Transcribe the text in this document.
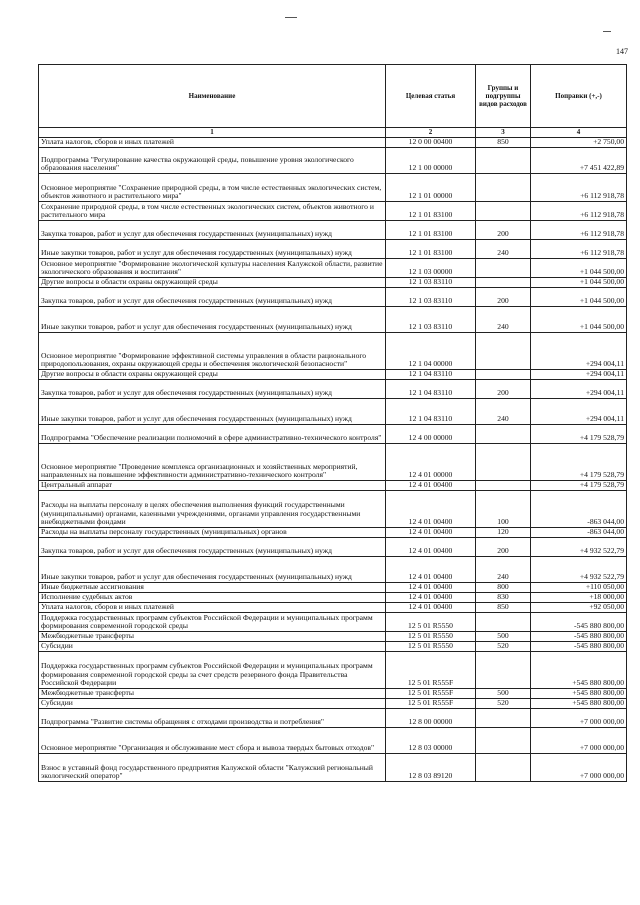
147
Наименование	Целевая статья	Группы и подгруппы видов расходов	Поправки (+,-)
1	2	3	4
Уплата налогов, сборов и иных платежей	12 0 00 00400	850	+2 750,00
Подпрограмма "Регулирование качества окружающей среды, повышение уровня экологического образования населения"	12 1 00 00000		+7 451 422,89
Основное мероприятие "Сохранение природной среды, в том числе естественных экологических систем, объектов животного и растительного мира"	12 1 01 00000		+6 112 918,78
Сохранение природной среды, в том числе естественных экологических систем, объектов животного и растительного мира	12 1 01 83100		+6 112 918,78
Закупка товаров, работ и услуг для обеспечения государственных (муниципальных) нужд	12 1 01 83100	200	+6 112 918,78
Иные закупки товаров, работ и услуг для обеспечения государственных (муниципальных) нужд	12 1 01 83100	240	+6 112 918,78
Основное мероприятие "Формирование экологической культуры населения Калужской области, развитие экологического образования и воспитания"	12 1 03 00000		+1 044 500,00
Другие вопросы в области охраны окружающей среды	12 1 03 83110		+1 044 500,00
Закупка товаров, работ и услуг для обеспечения государственных (муниципальных) нужд	12 1 03 83110	200	+1 044 500,00
Иные закупки товаров, работ и услуг для обеспечения государственных (муниципальных) нужд	12 1 03 83110	240	+1 044 500,00
Основное мероприятие "Формирование эффективной системы управления в области рационального природопользования, охраны окружающей среды и обеспечения экологической безопасности"	12 1 04 00000		+294 004,11
Другие вопросы в области охраны окружающей среды	12 1 04 83110		+294 004,11
Закупка товаров, работ и услуг для обеспечения государственных (муниципальных) нужд	12 1 04 83110	200	+294 004,11
Иные закупки товаров, работ и услуг для обеспечения государственных (муниципальных) нужд	12 1 04 83110	240	+294 004,11
Подпрограмма "Обеспечение реализации полномочий в сфере административно-технического контроля"	12 4 00 00000		+4 179 528,79
Основное мероприятие "Проведение комплекса организационных и хозяйственных мероприятий, направленных на повышение эффективности административно-технического контроля"	12 4 01 00000		+4 179 528,79
Центральный аппарат	12 4 01 00400		+4 179 528,79
Расходы на выплаты персоналу в целях обеспечения выполнения функций государственными (муниципальными) органами, казенными учреждениями, органами управления государственными внебюджетными фондами	12 4 01 00400	100	-863 044,00
Расходы на выплаты персоналу государственных (муниципальных) органов	12 4 01 00400	120	-863 044,00
Закупка товаров, работ и услуг для обеспечения государственных (муниципальных) нужд	12 4 01 00400	200	+4 932 522,79
Иные закупки товаров, работ и услуг для обеспечения государственных (муниципальных) нужд	12 4 01 00400	240	+4 932 522,79
Иные бюджетные ассигнования	12 4 01 00400	800	+110 050,00
Исполнение судебных актов	12 4 01 00400	830	+18 000,00
Уплата налогов, сборов и иных платежей	12 4 01 00400	850	+92 050,00
Поддержка государственных программ субъектов Российской Федерации и муниципальных программ формирования современной городской среды	12 5 01 R5550		-545 880 800,00
Межбюджетные трансферты	12 5 01 R5550	500	-545 880 800,00
Субсидии	12 5 01 R5550	520	-545 880 800,00
Поддержка государственных программ субъектов Российской Федерации и муниципальных программ формирования современной городской среды за счет средств резервного фонда Правительства Российской Федерации	12 5 01 R555F		+545 880 800,00
Межбюджетные трансферты	12 5 01 R555F	500	+545 880 800,00
Субсидии	12 5 01 R555F	520	+545 880 800,00
Подпрограмма "Развитие системы обращения с отходами производства и потребления"	12 8 00 00000		+7 000 000,00
Основное мероприятие "Организация и обслуживание мест сбора и вывоза твердых бытовых отходов"	12 8 03 00000		+7 000 000,00
Взнос в уставный фонд государственного предприятия Калужской области "Калужский региональный экологический оператор"	12 8 03 89120		+7 000 000,00
